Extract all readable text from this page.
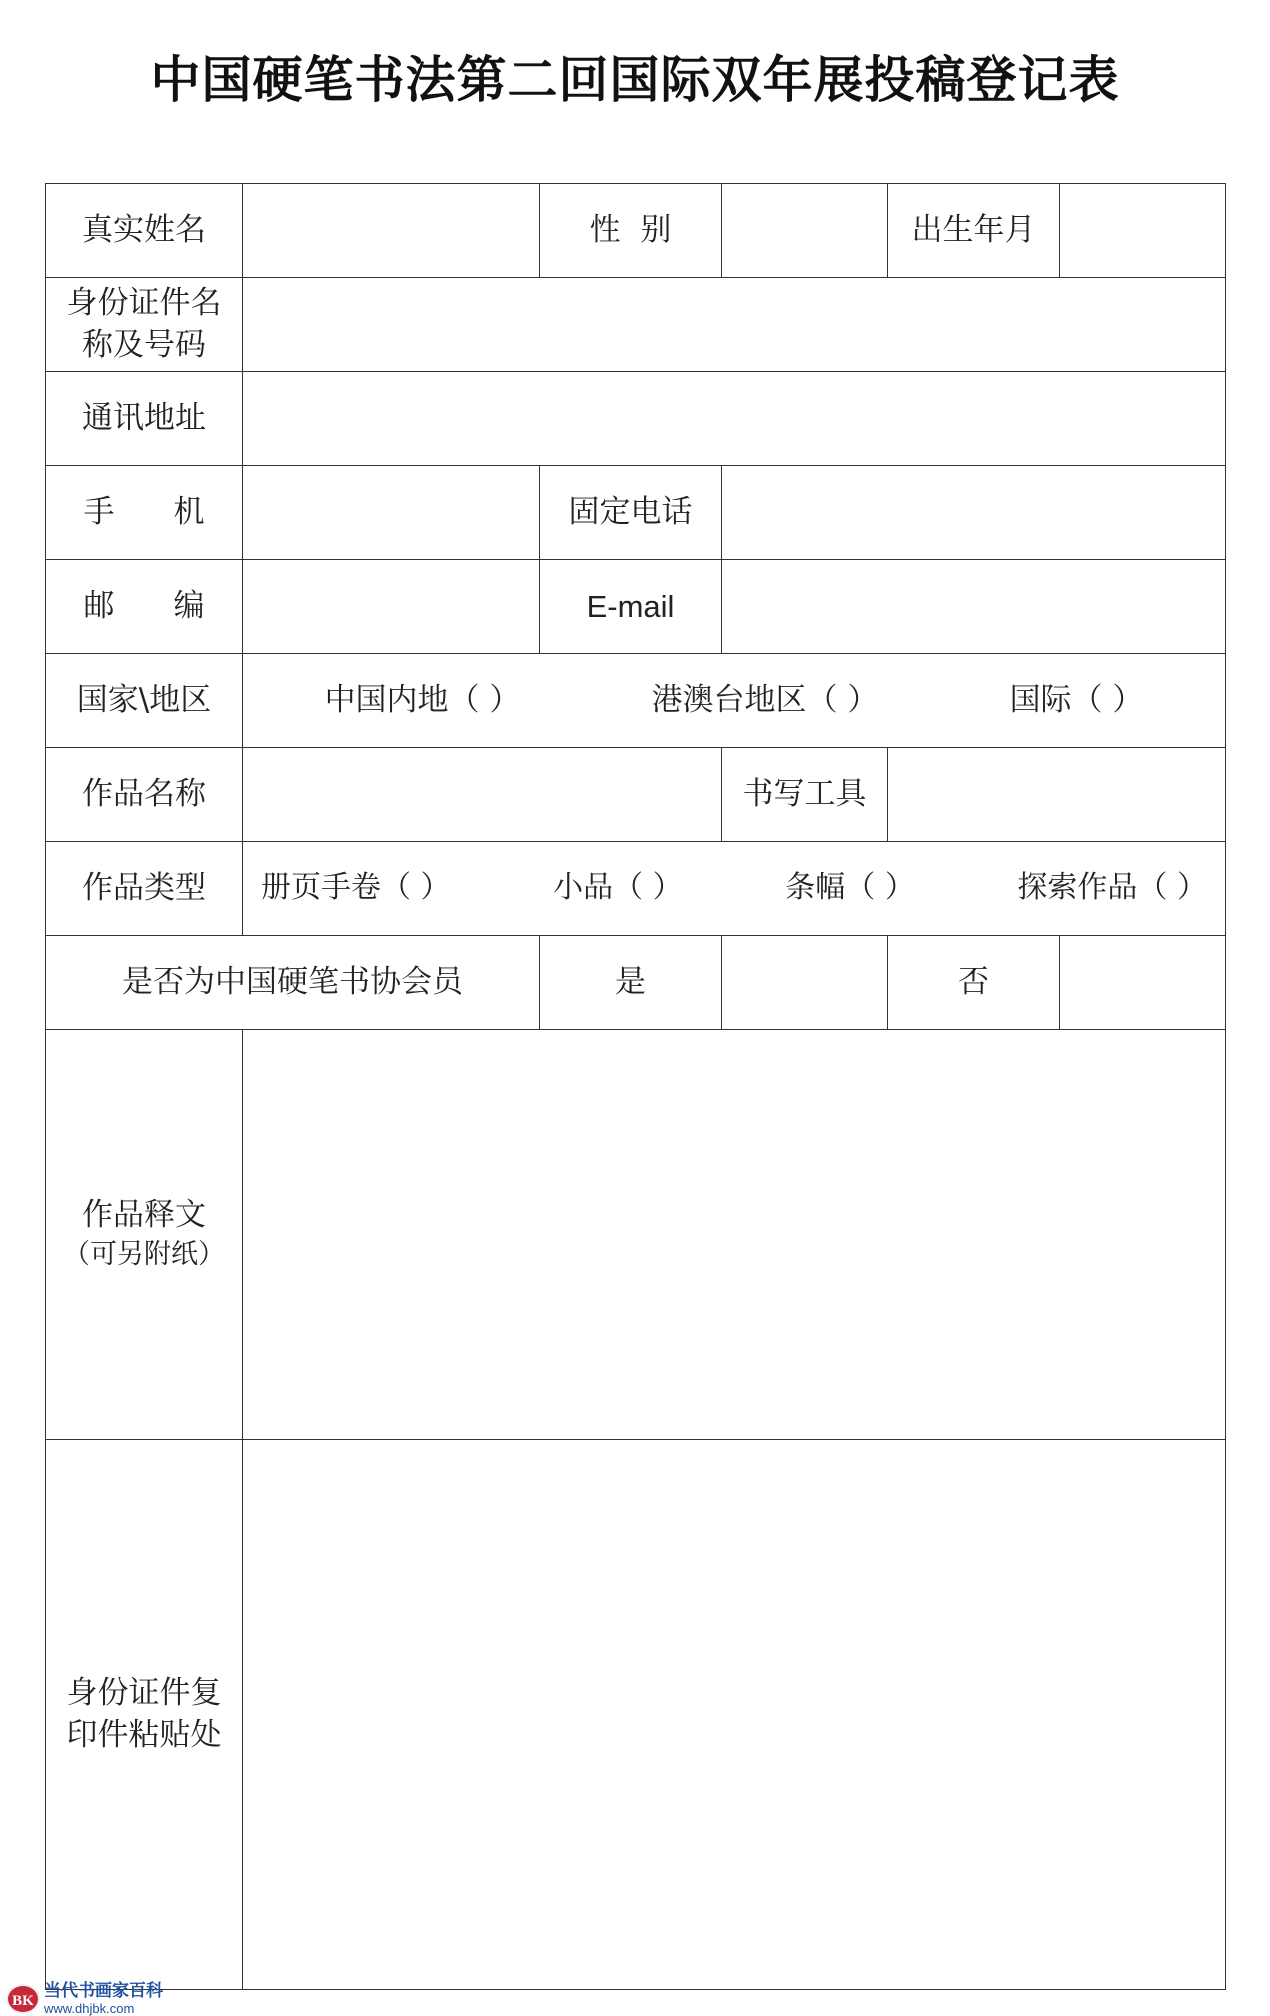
中国硬笔书法第二回国际双年展投稿登记表
真实姓名		性  别		出生年月	

身份证件名
称及号码					

通讯地址					
手      机		固定电话			
邮      编		E-mail			
国家\地区	中国内地（ ） 港澳台地区（ ） 国际（ ）				

作品名称			书写工具		
作品类型	册页手卷（ ） 小品（ ） 条幅（ ） 探索作品（ ）				

是否为中国硬笔书协会员		是		否	

作品释文
（可另附纸）					

身份证件复
印件粘贴处					

BK 当代书画家百科
www.dhjbk.com
